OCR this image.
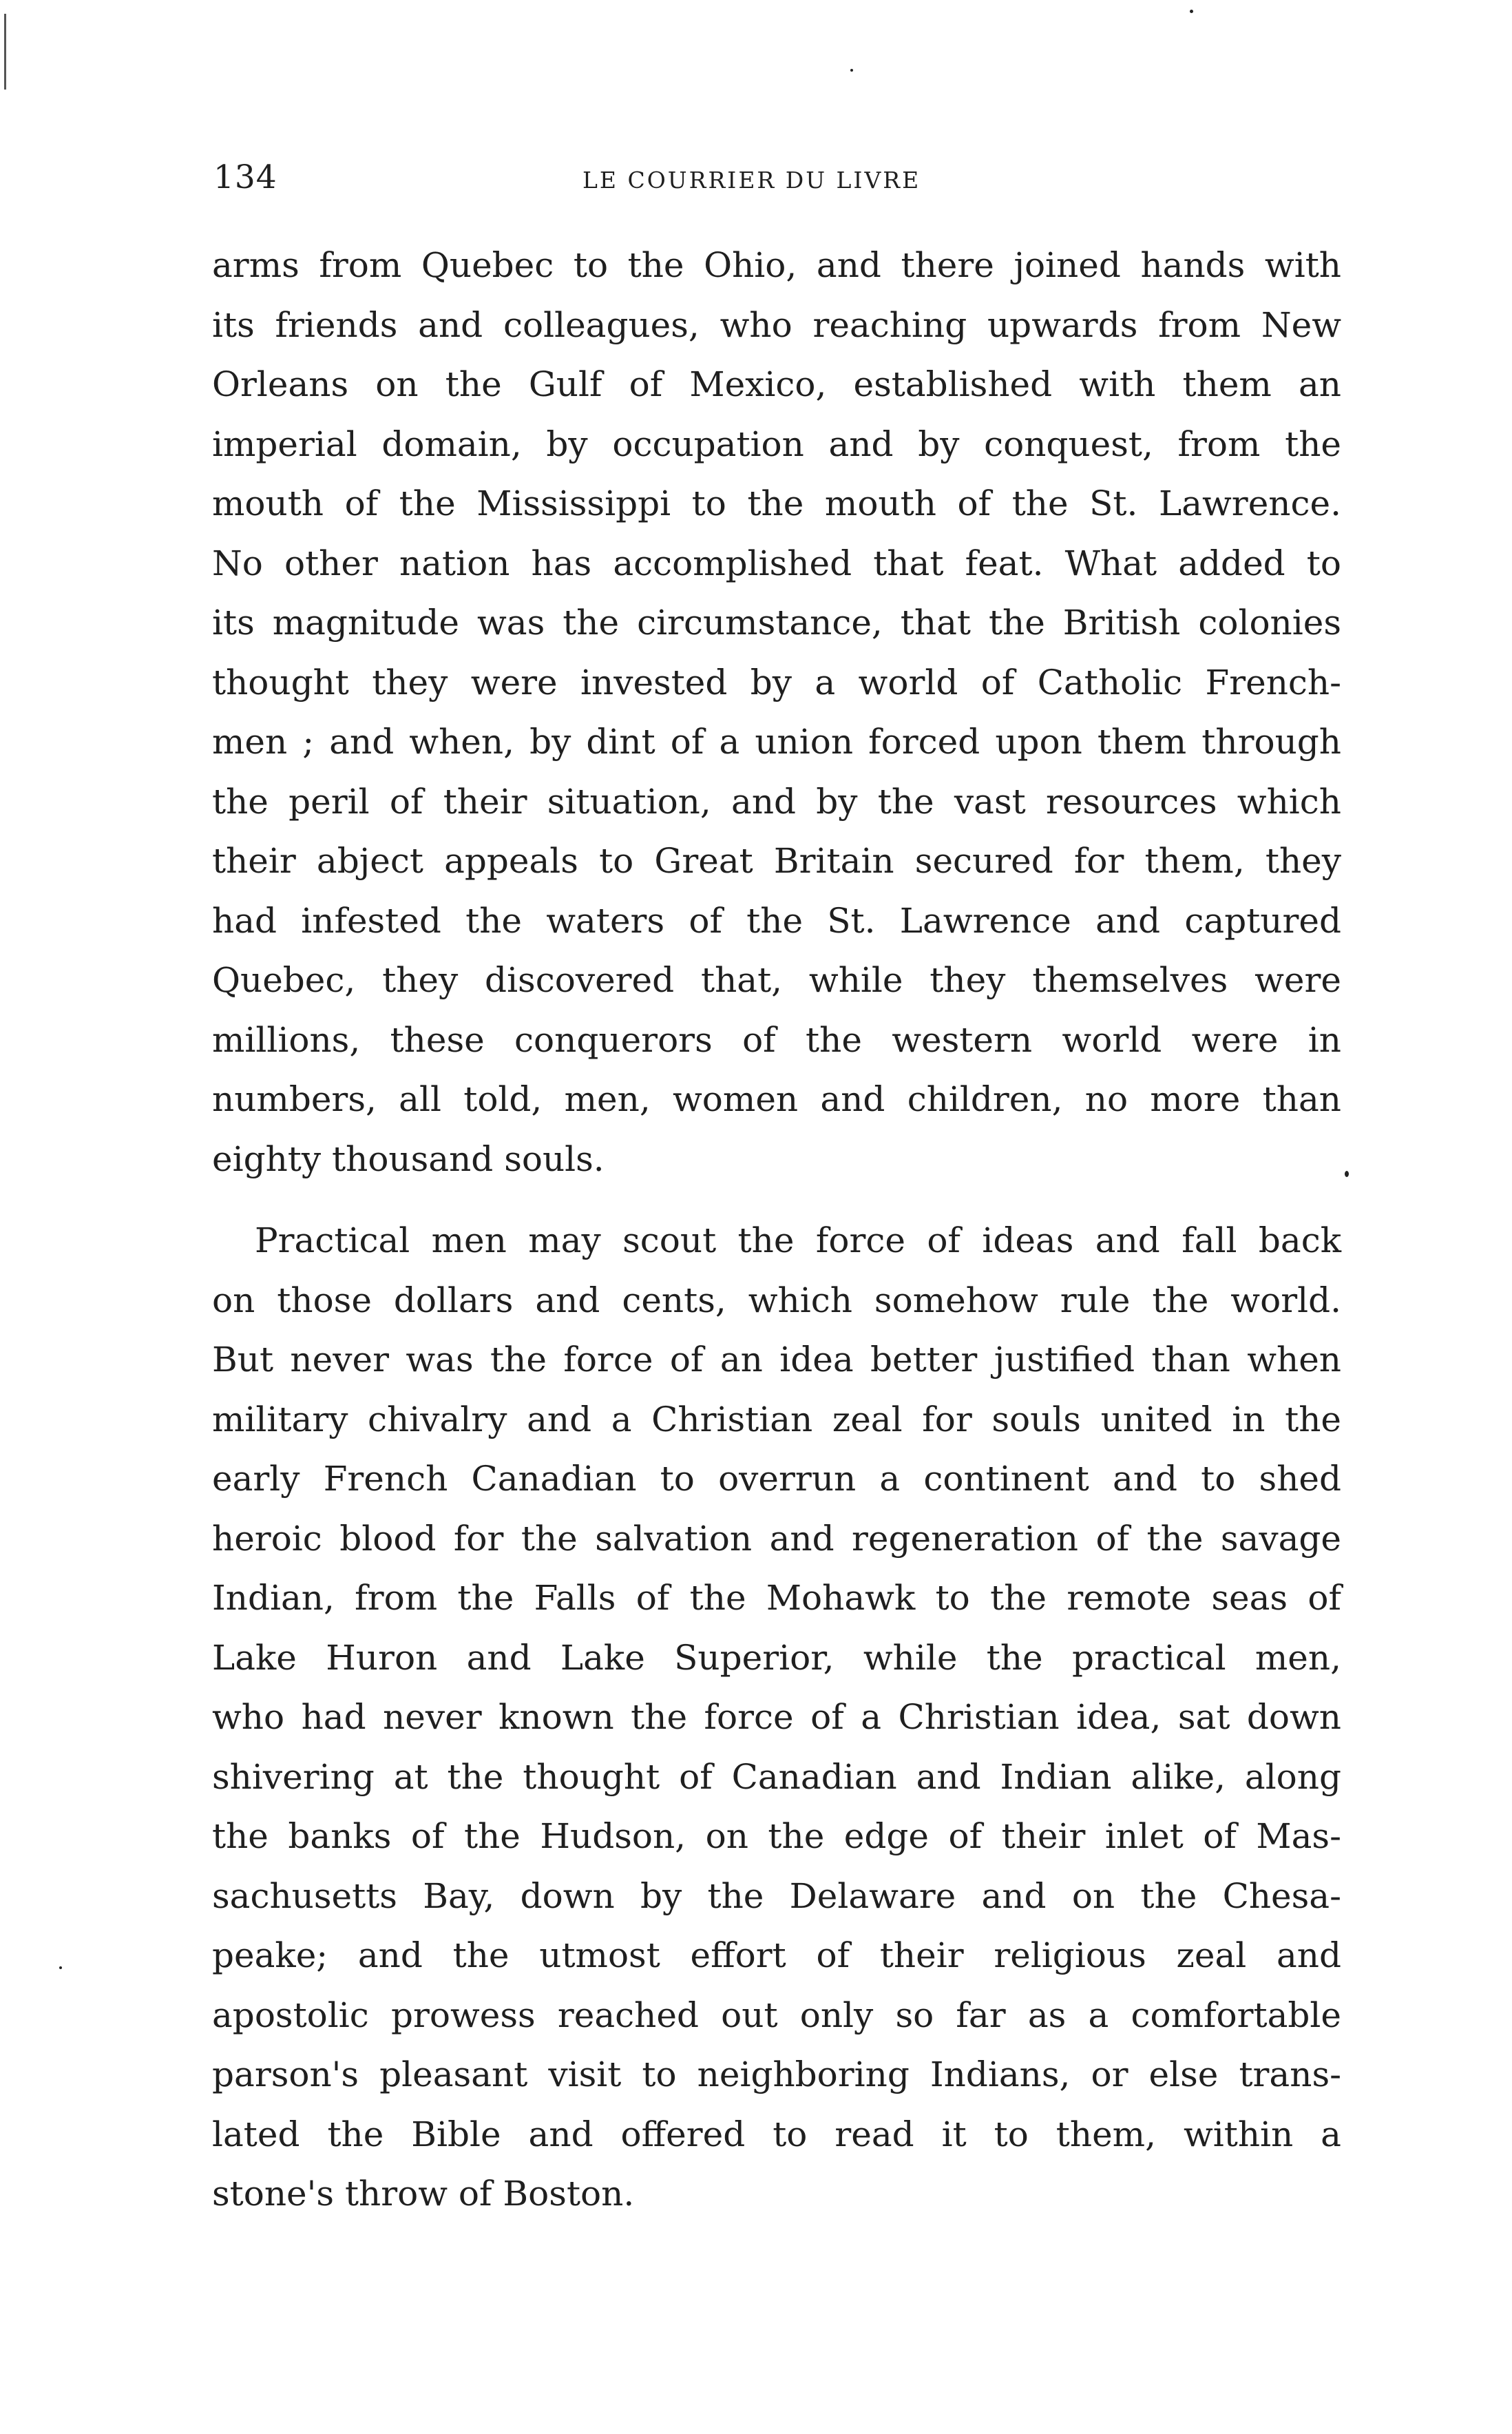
134	LE COURRIER DU LIVRE
arms from Quebec to the Ohio, and there joined hands with
its friends and colleagues, who reaching upwards from New
Orleans on the Gulf of Mexico, established with them an
imperial domain, by occupation and by conquest, from the
mouth of the Mississippi to the mouth of the St. Lawrence.
No other nation has accomplished that feat. What added to
its magnitude was the circumstance, that the British colonies
thought they were invested by a world of Catholic French-
men ; and when, by dint of a union forced upon them through
the peril of their situation, and by the vast resources which
their abject appeals to Great Britain secured for them, they
had infested the waters of the St. Lawrence and captured
Quebec, they discovered that, while they themselves were
millions, these conquerors of the western world were in
numbers, all told, men, women and children, no more than
eighty thousand souls.
Practical men may scout the force of ideas and fall back
on those dollars and cents, which somehow rule the world.
But never was the force of an idea better justified than when
military chivalry and a Christian zeal for souls united in the
early French Canadian to overrun a continent and to shed
heroic blood for the salvation and regeneration of the savage
Indian, from the Falls of the Mohawk to the remote seas of
Lake Huron and Lake Superior, while the practical men,
who had never known the force of a Christian idea, sat down
shivering at the thought of Canadian and Indian alike, along
the banks of the Hudson, on the edge of their inlet of Mas-
sachusetts Bay, down by the Delaware and on the Chesa-
peake; and the utmost effort of their religious zeal and
apostolic prowess reached out only so far as a comfortable
parson's pleasant visit to neighboring Indians, or else trans-
lated the Bible and offered to read it to them, within a
stone's throw of Boston.
